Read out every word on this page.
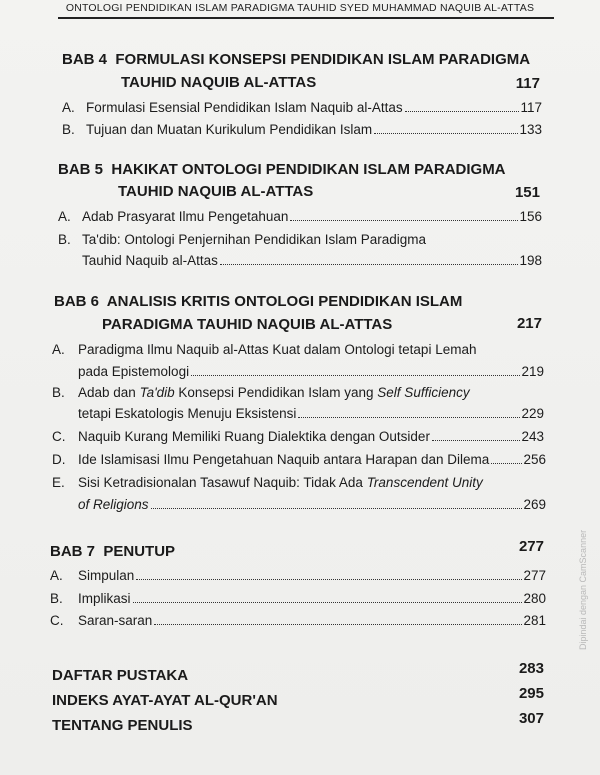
ONTOLOGI PENDIDIKAN ISLAM PARADIGMA TAUHID SYED MUHAMMAD NAQUIB AL-ATTAS
BAB 4 FORMULASI KONSEPSI PENDIDIKAN ISLAM PARADIGMA
TAUHID NAQUIB AL-ATTAS	117
A. Formulasi Esensial Pendidikan Islam Naquib al-Attas	117
B. Tujuan dan Muatan Kurikulum Pendidikan Islam	133
BAB 5 HAKIKAT ONTOLOGI PENDIDIKAN ISLAM PARADIGMA
TAUHID NAQUIB AL-ATTAS	151
A. Adab Prasyarat Ilmu Pengetahuan	156
B. Ta'dib: Ontologi Penjernihan Pendidikan Islam Paradigma
Tauhid Naquib al-Attas	198
BAB 6 ANALISIS KRITIS ONTOLOGI PENDIDIKAN ISLAM
PARADIGMA TAUHID NAQUIB AL-ATTAS	217
A. Paradigma Ilmu Naquib al-Attas Kuat dalam Ontologi tetapi Lemah
pada Epistemologi	219
B. Adab dan Ta'dib Konsepsi Pendidikan Islam yang Self Sufficiency
tetapi Eskatologis Menuju Eksistensi	229
C. Naquib Kurang Memiliki Ruang Dialektika dengan Outsider	243
D. Ide Islamisasi Ilmu Pengetahuan Naquib antara Harapan dan Dilema	256
E. Sisi Ketradisionalan Tasawuf Naquib: Tidak Ada Transcendent Unity
of Religions	269
BAB 7 PENUTUP	277
A.	Simpulan	277
B.	Implikasi	280
C.	Saran-saran	281
DAFTAR PUSTAKA	283
INDEKS AYAT-AYAT AL-QUR'AN	295
TENTANG PENULIS	307
Dipindai dengan CamScanner
